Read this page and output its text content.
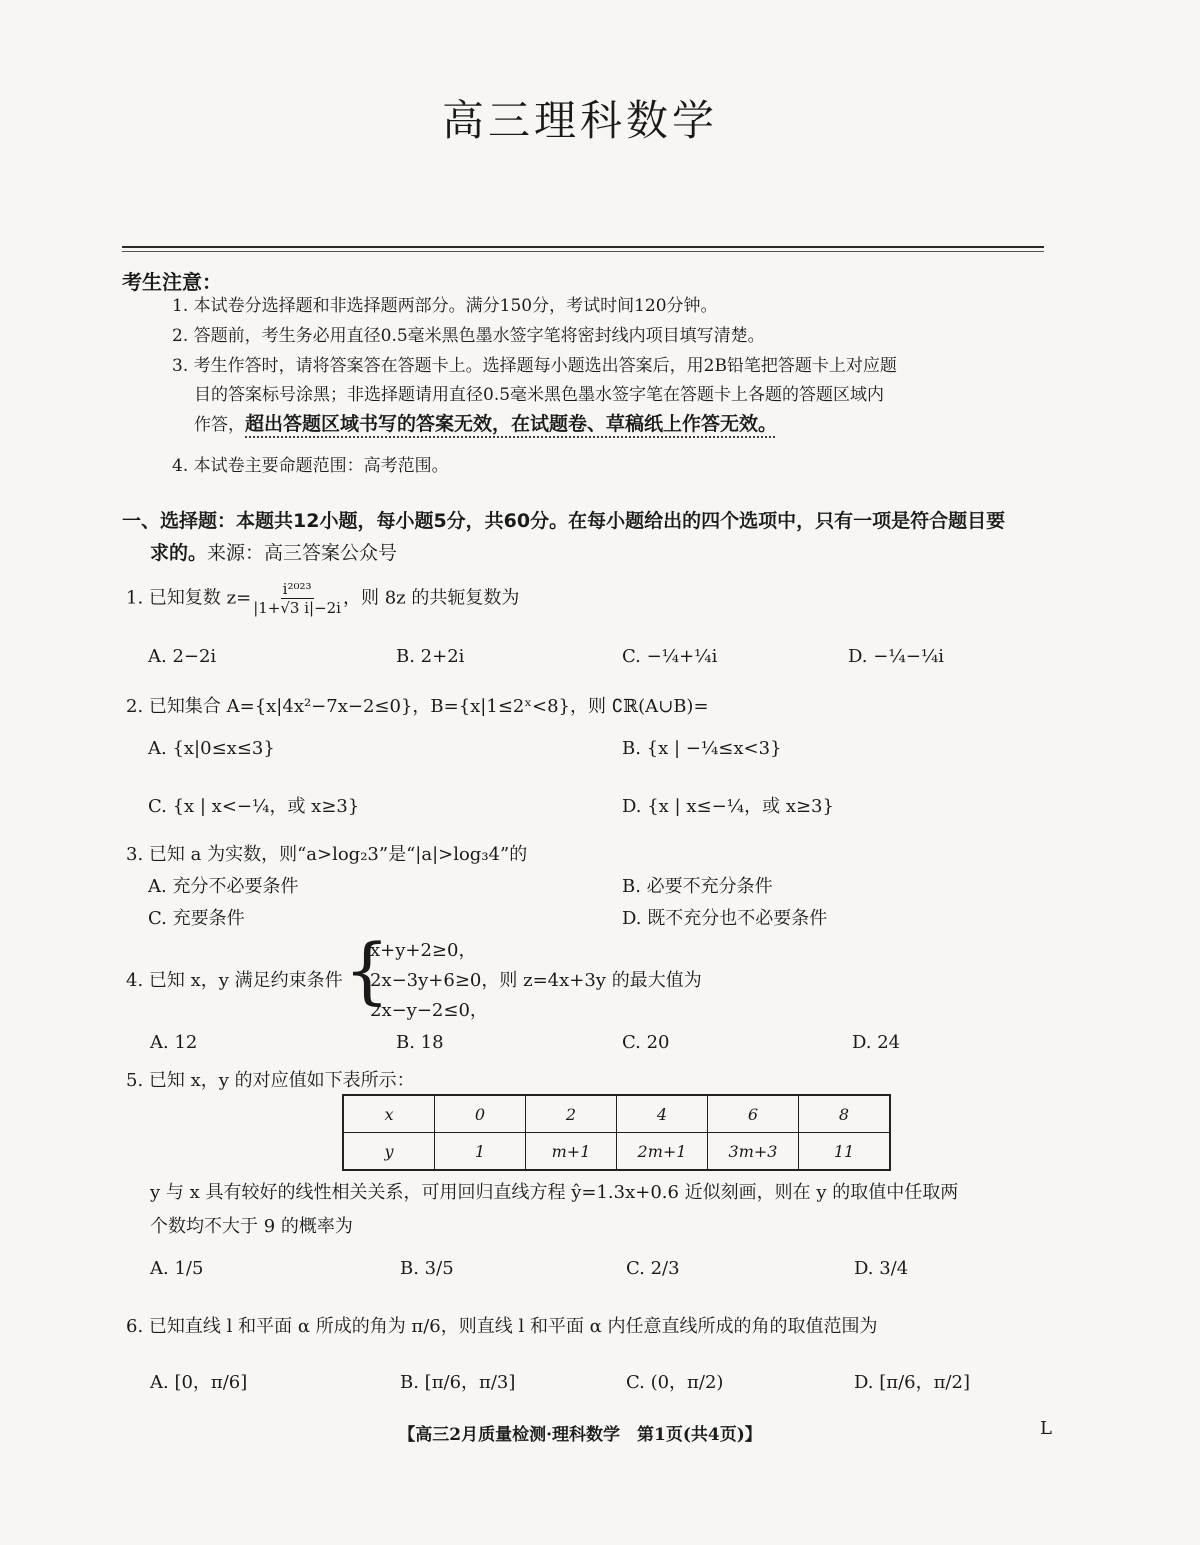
高三理科数学
考生注意：
1. 本试卷分选择题和非选择题两部分。满分150分，考试时间120分钟。
2. 答题前，考生务必用直径0.5毫米黑色墨水签字笔将密封线内项目填写清楚。
3. 考生作答时，请将答案答在答题卡上。选择题每小题选出答案后，用2B铅笔把答题卡上对应题
目的答案标号涂黑；非选择题请用直径0.5毫米黑色墨水签字笔在答题卡上各题的答题区域内
作答，超出答题区域书写的答案无效，在试题卷、草稿纸上作答无效。
4. 本试卷主要命题范围：高考范围。
一、选择题：本题共12小题，每小题5分，共60分。在每小题给出的四个选项中，只有一项是符合题目要
求的。来源：高三答案公众号
1. 已知复数 $z= \frac{\text{i²⁰²³}}{|1+√3 i|-2i}$ ，则 8z 的共轭复数为
A. 2−2i	B. 2+2i	C. −¼+¼i	D. −¼−¼i
2. 已知集合 A={x|4x²−7x−2≤0}，B={x|1≤2ˣ<8}，则 ∁ℝ(A∪B)=
A. {x|0≤x≤3}	B. {x | −¼≤x<3}
C. {x | x<−¼，或 x≥3}	D. {x | x≤−¼，或 x≥3}
3. 已知 a 为实数，则“a>log₂3”是“|a|>log₃4”的
A. 充分不必要条件	B. 必要不充分条件
C. 充要条件	D. 既不充分也不必要条件
4. 已知 x，y 满足约束条件 {
x+y+2≥0，
2x−3y+6≥0，则 z=4x+3y 的最大值为
2x−y−2≤0，
A. 12	B. 18	C. 20	D. 24
5. 已知 x，y 的对应值如下表所示：
x	0	2	4	6	8
y	1	m+1	2m+1	3m+3	11
y 与 x 具有较好的线性相关关系，可用回归直线方程 ŷ=1.3x+0.6 近似刻画，则在 y 的取值中任取两
个数均不大于 9 的概率为
A. 1/5	B. 3/5	C. 2/3	D. 3/4
6. 已知直线 l 和平面 α 所成的角为 π/6，则直线 l 和平面 α 内任意直线所成的角的取值范围为
A. [0，π/6]	B. [π/6，π/3]	C. (0，π/2)	D. [π/6，π/2]
【高三2月质量检测·理科数学　第1页(共4页)】	L
